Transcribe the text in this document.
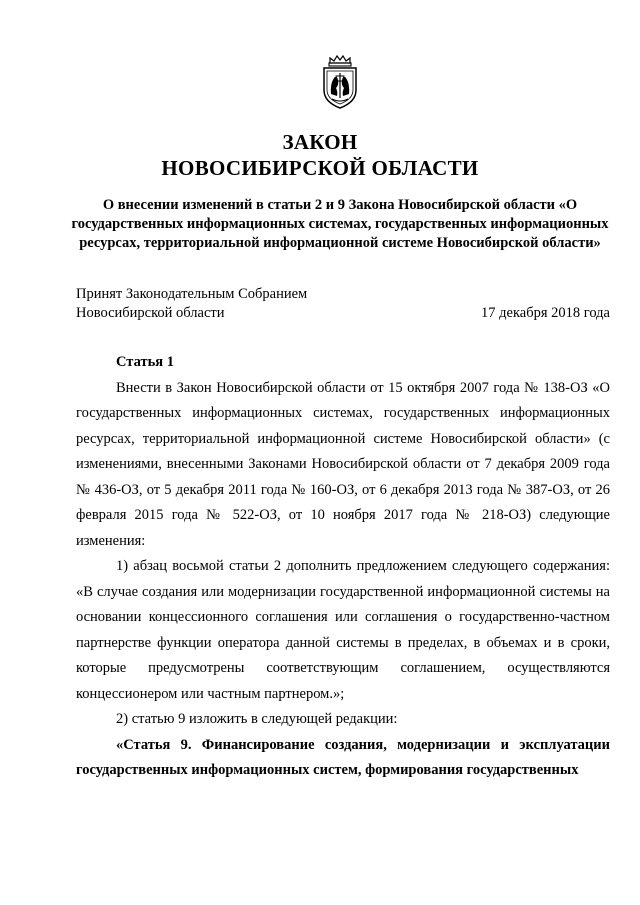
ЗАКОН
НОВОСИБИРСКОЙ ОБЛАСТИ
О внесении изменений в статьи 2 и 9 Закона Новосибирской области «О государственных информационных системах, государственных информационных ресурсах, территориальной информационной системе Новосибирской области»
Принят Законодательным Собранием
Новосибирской области	17 декабря 2018 года

Статья 1

Внести в Закон Новосибирской области от 15 октября 2007 года № 138-ОЗ «О государственных информационных системах, государственных информационных ресурсах, территориальной информационной системе Новосибирской области» (с изменениями, внесенными Законами Новосибирской области от 7 декабря 2009 года № 436-ОЗ, от 5 декабря 2011 года № 160-ОЗ, от 6 декабря 2013 года № 387-ОЗ, от 26 февраля 2015 года № 522-ОЗ, от 10 ноября 2017 года № 218-ОЗ) следующие изменения:

1) абзац восьмой статьи 2 дополнить предложением следующего содержания: «В случае создания или модернизации государственной информационной системы на основании концессионного соглашения или соглашения о государственно-частном партнерстве функции оператора данной системы в пределах, в объемах и в сроки, которые предусмотрены соответствующим соглашением, осуществляются концессионером или частным партнером.»;

2) статью 9 изложить в следующей редакции:

«Статья 9. Финансирование создания, модернизации и эксплуатации государственных информационных систем, формирования государственных
